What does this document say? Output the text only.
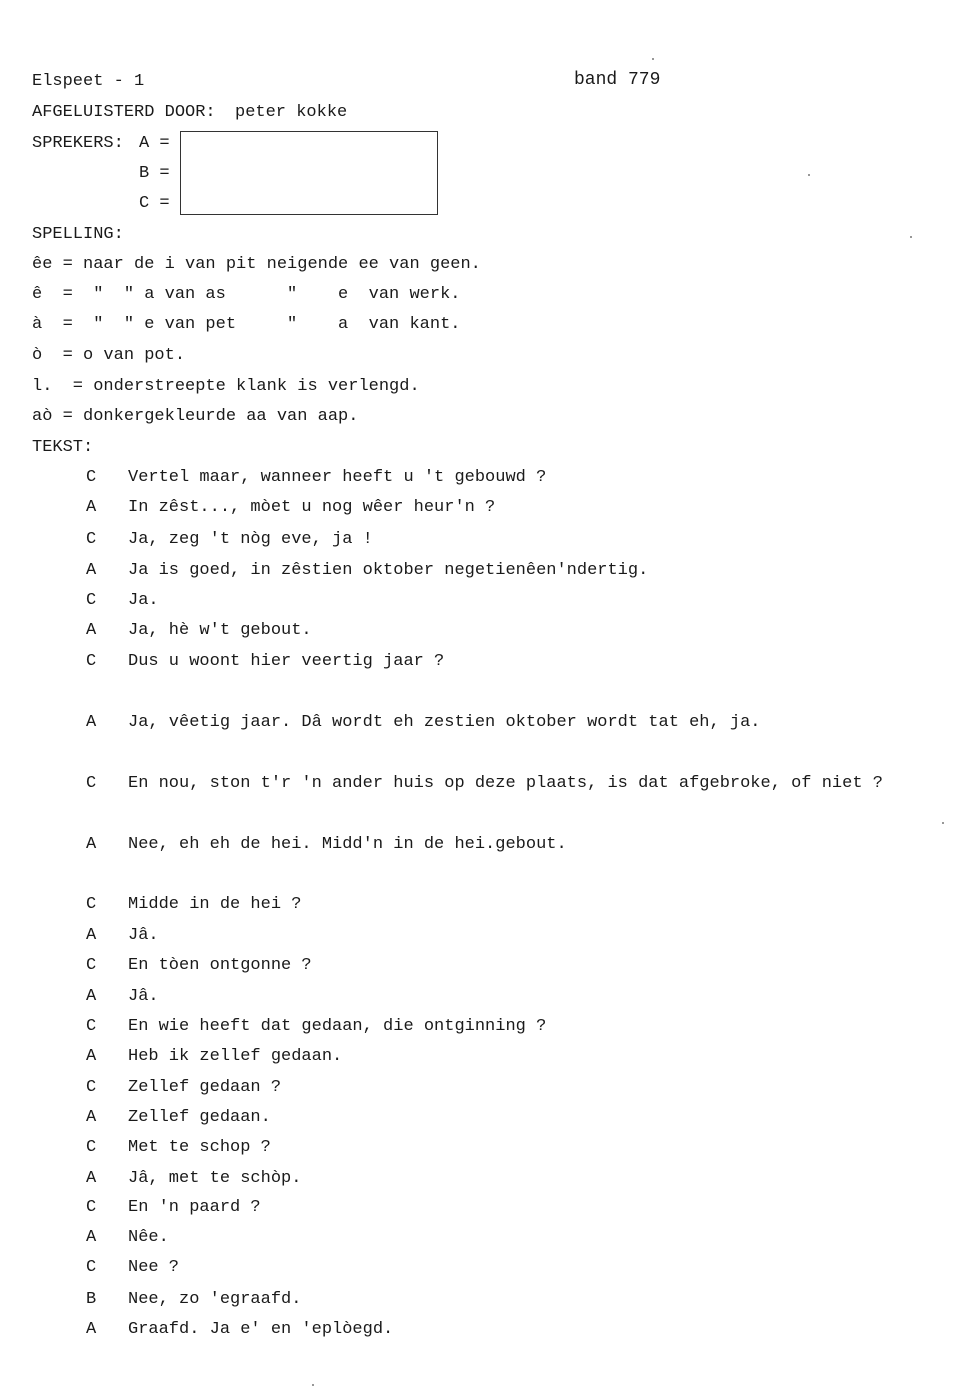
Elspeet - 1	band 779
AFGELUISTERD DOOR: peter kokke
SPREKERS: A =
B =
C =
SPELLING:
êe = naar de i van pit neigende ee van geen.
ê  =  "  " a van as      "    e  van werk.
à  =  "  " e van pet     "    a  van kant.
ò  = o van pot.
l.  = onderstreepte klank is verlengd.
aò = donkergekleurde aa van aap.
TEKST:
C Vertel maar, wanneer heeft u 't gebouwd ?
A In zêst..., mòet u nog wêer heur'n ?
C Ja, zeg 't nòg eve, ja !
A Ja is goed, in zêstien oktober negetienêen'ndertig.
C Ja.
A Ja, hè w't gebout.
C Dus u woont hier veertig jaar ?
A Ja, vêetig jaar. Dâ wordt eh zestien oktober wordt tat eh, ja.
C En nou, ston t'r 'n ander huis op deze plaats, is dat afgebroke, of niet ?
A Nee, eh eh de hei. Midd'n in de hei.gebout.
C Midde in de hei ?
A Jâ.
C En tòen ontgonne ?
A Jâ.
C En wie heeft dat gedaan, die ontginning ?
A Heb ik zellef gedaan.
C Zellef gedaan ?
A Zellef gedaan.
C Met te schop ?
A Jâ, met te schòp.
C En 'n paard ?
A Nêe.
C Nee ?
B Nee, zo 'egraafd.
A Graafd. Ja e' en 'eplòegd.
